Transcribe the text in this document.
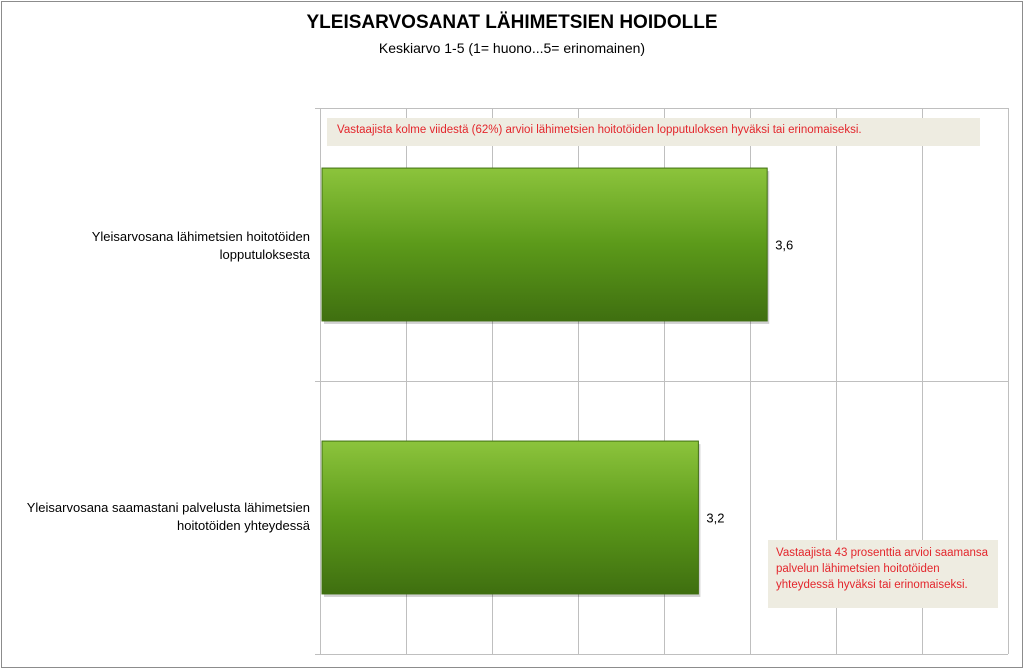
YLEISARVOSANAT LÄHIMETSIEN HOIDOLLE
Keskiarvo 1-5 (1= huono...5= erinomainen)
3,6
3,2
Yleisarvosana lähimetsien hoitotöiden lopputuloksesta
Yleisarvosana saamastani palvelusta lähimetsien hoitotöiden yhteydessä
Vastaajista kolme viidestä (62%) arvioi lähimetsien hoitotöiden lopputuloksen hyväksi tai erinomaiseksi.
Vastaajista 43 prosenttia arvioi saamansa palvelun lähimetsien hoitotöiden yhteydessä hyväksi tai erinomaiseksi.
